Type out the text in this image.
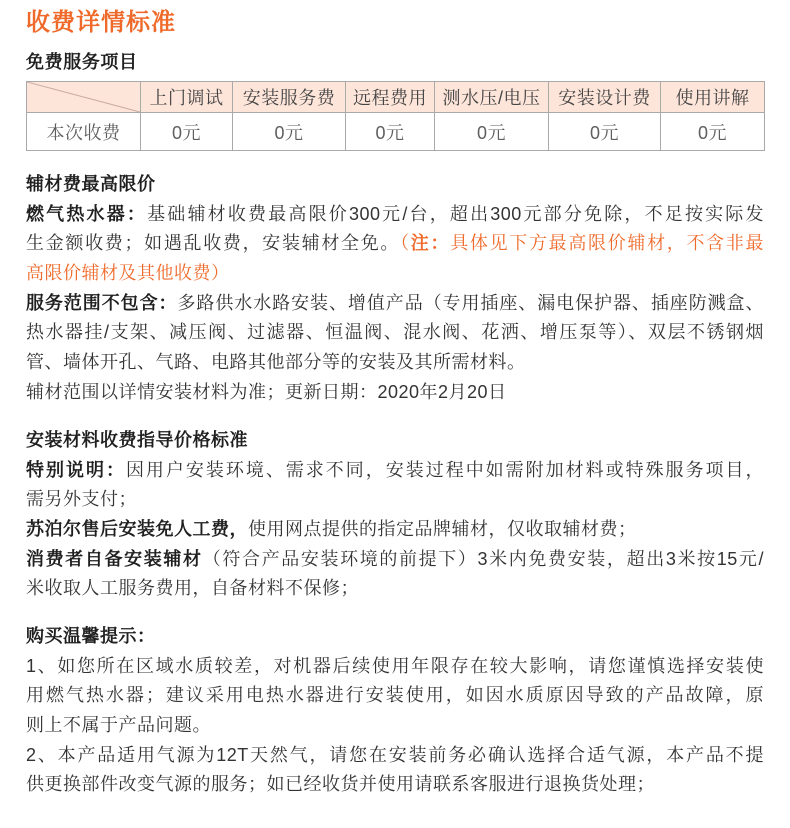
收费详情标准
免费服务项目
	上门调试	安装服务费	远程费用	测水压/电压	安装设计费	使用讲解
本次收费	0元	0元	0元	0元	0元	0元
辅材费最高限价
燃气热水器：基础辅材收费最高限价300元/台，超出300元部分免除，不足按实际发
生金额收费；如遇乱收费，安装辅材全免。（注：具体见下方最高限价辅材，不含非最
高限价辅材及其他收费）
服务范围不包含：多路供水水路安装、增值产品（专用插座、漏电保护器、插座防溅盒、
热水器挂/支架、减压阀、过滤器、恒温阀、混水阀、花洒、增压泵等）、双层不锈钢烟
管、墙体开孔、气路、电路其他部分等的安装及其所需材料。
辅材范围以详情安装材料为准；更新日期：2020年2月20日
安装材料收费指导价格标准
特别说明：因用户安装环境、需求不同，安装过程中如需附加材料或特殊服务项目，
需另外支付；
苏泊尔售后安装免人工费，使用网点提供的指定品牌辅材，仅收取辅材费；
消费者自备安装辅材（符合产品安装环境的前提下）3米内免费安装，超出3米按15元/
米收取人工服务费用，自备材料不保修；
购买温馨提示：
1、如您所在区域水质较差，对机器后续使用年限存在较大影响，请您谨慎选择安装使
用燃气热水器；建议采用电热水器进行安装使用，如因水质原因导致的产品故障，原
则上不属于产品问题。
2、本产品适用气源为12T天然气，请您在安装前务必确认选择合适气源，本产品不提
供更换部件改变气源的服务；如已经收货并使用请联系客服进行退换货处理；
